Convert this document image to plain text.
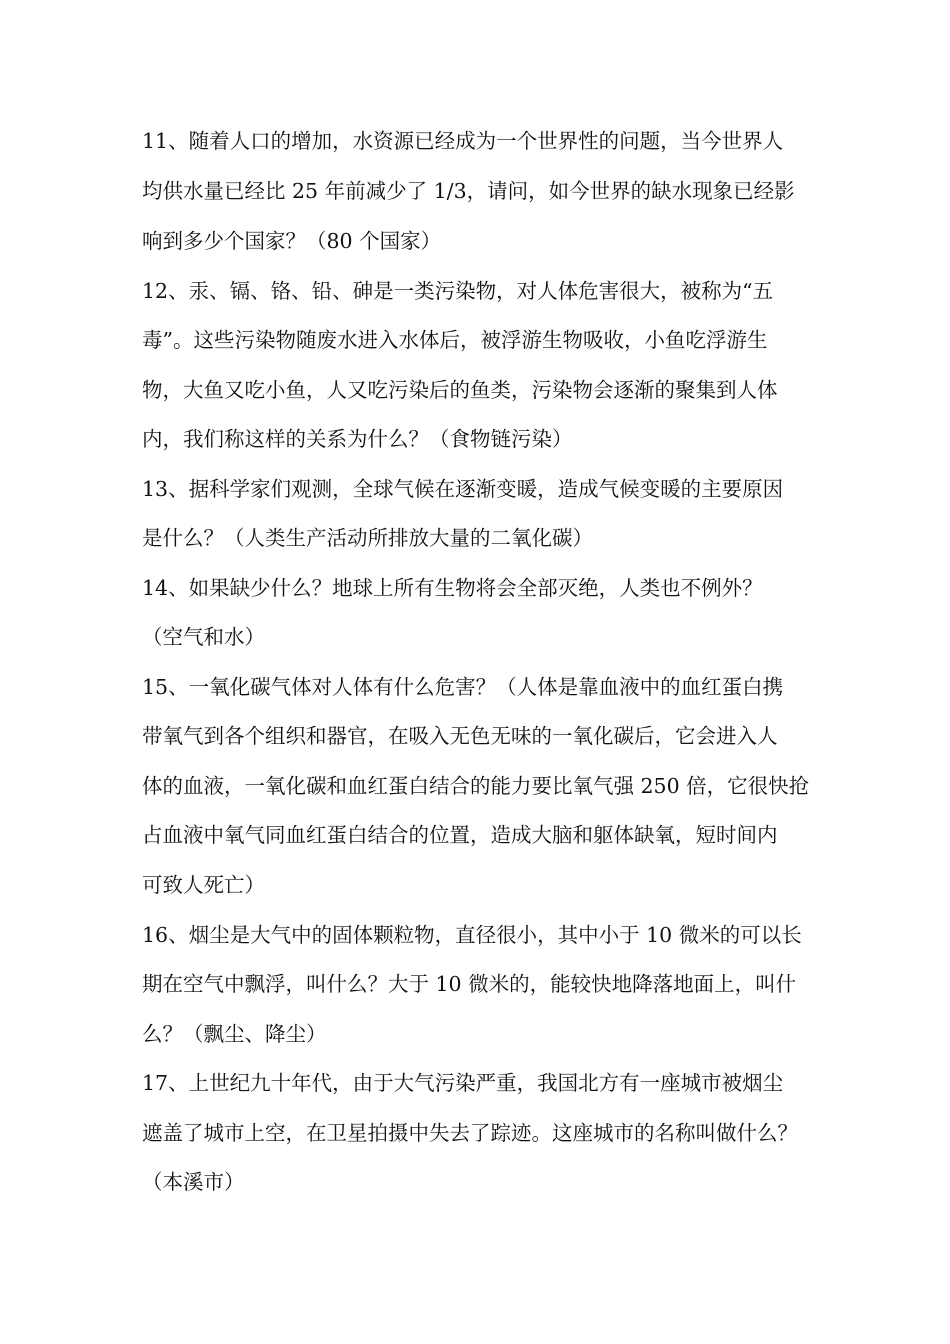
11、随着人口的增加，水资源已经成为一个世界性的问题，当今世界人
均供水量已经比 25 年前减少了 1/3，请问，如今世界的缺水现象已经影
响到多少个国家？（80 个国家）
12、汞、镉、铬、铅、砷是一类污染物，对人体危害很大，被称为“五
毒”。这些污染物随废水进入水体后，被浮游生物吸收，小鱼吃浮游生
物，大鱼又吃小鱼，人又吃污染后的鱼类，污染物会逐渐的聚集到人体
内，我们称这样的关系为什么？（食物链污染）
13、据科学家们观测，全球气候在逐渐变暖，造成气候变暖的主要原因
是什么？（人类生产活动所排放大量的二氧化碳）
14、如果缺少什么？地球上所有生物将会全部灭绝，人类也不例外？
（空气和水）
15、一氧化碳气体对人体有什么危害？（人体是靠血液中的血红蛋白携
带氧气到各个组织和器官，在吸入无色无味的一氧化碳后，它会进入人
体的血液，一氧化碳和血红蛋白结合的能力要比氧气强 250 倍，它很快抢
占血液中氧气同血红蛋白结合的位置，造成大脑和躯体缺氧，短时间内
可致人死亡）
16、烟尘是大气中的固体颗粒物，直径很小，其中小于 10 微米的可以长
期在空气中飘浮，叫什么？大于 10 微米的，能较快地降落地面上，叫什
么？（飘尘、降尘）
17、上世纪九十年代，由于大气污染严重，我国北方有一座城市被烟尘
遮盖了城市上空，在卫星拍摄中失去了踪迹。这座城市的名称叫做什么？
（本溪市）
